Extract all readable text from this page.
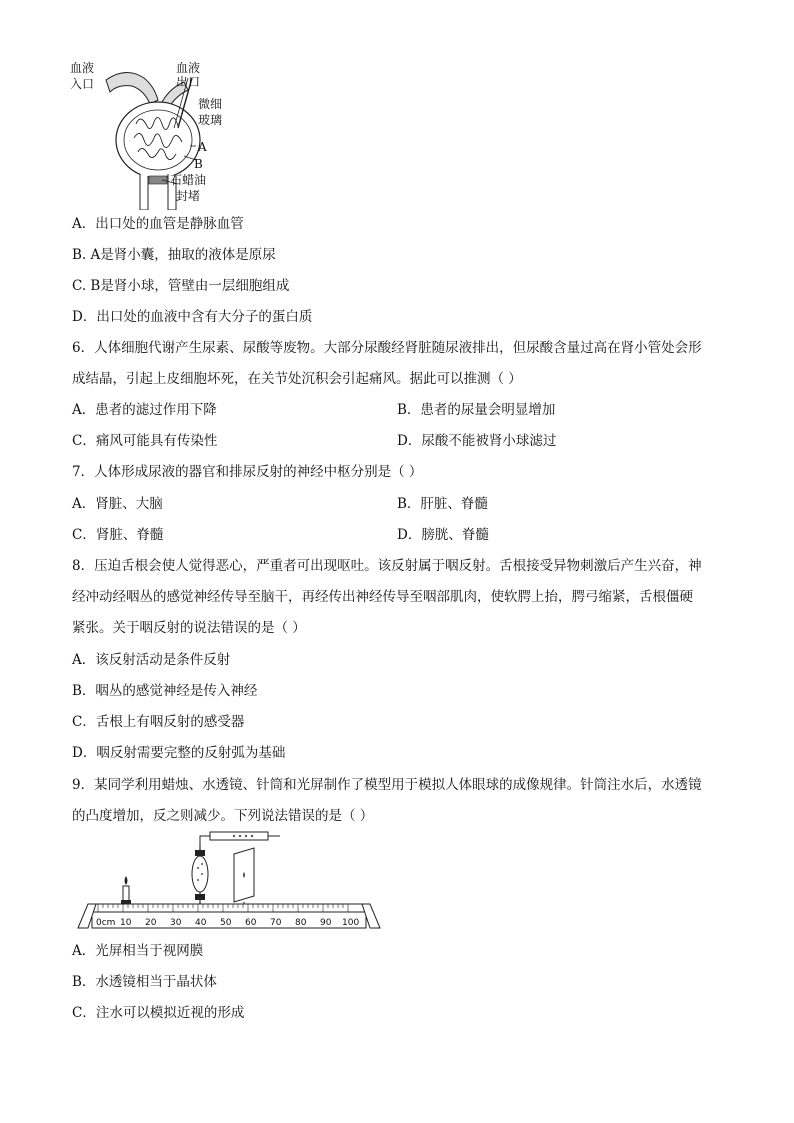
血液
入口
血液
出口
微细
玻璃
A
B
石蜡油
封堵
A．出口处的血管是静脉血管
B. A是肾小囊，抽取的液体是原尿
C. B是肾小球，管壁由一层细胞组成
D．出口处的血液中含有大分子的蛋白质
6．人体细胞代谢产生尿素、尿酸等废物。大部分尿酸经肾脏随尿液排出，但尿酸含量过高在肾小管处会形
成结晶，引起上皮细胞坏死，在关节处沉积会引起痛风。据此可以推测（ ）
A．患者的滤过作用下降	B．患者的尿量会明显增加
C．痛风可能具有传染性	D．尿酸不能被肾小球滤过
7．人体形成尿液的器官和排尿反射的神经中枢分别是（ ）
A．肾脏、大脑	B．肝脏、脊髓
C．肾脏、脊髓	D．膀胱、脊髓
8．压迫舌根会使人觉得恶心，严重者可出现呕吐。该反射属于咽反射。舌根接受异物刺激后产生兴奋，神
经冲动经咽丛的感觉神经传导至脑干，再经传出神经传导至咽部肌肉，使软腭上抬，腭弓缩紧，舌根僵硬
紧张。关于咽反射的说法错误的是（ ）
A．该反射活动是条件反射
B．咽丛的感觉神经是传入神经
C．舌根上有咽反射的感受器
D．咽反射需要完整的反射弧为基础
9．某同学利用蜡烛、水透镜、针筒和光屏制作了模型用于模拟人体眼球的成像规律。针筒注水后，水透镜
的凸度增加，反之则减少。下列说法错误的是（ ）
0cm 10 20 30 40 50 60 70 80 90 100
A．光屏相当于视网膜
B．水透镜相当于晶状体
C．注水可以模拟近视的形成
